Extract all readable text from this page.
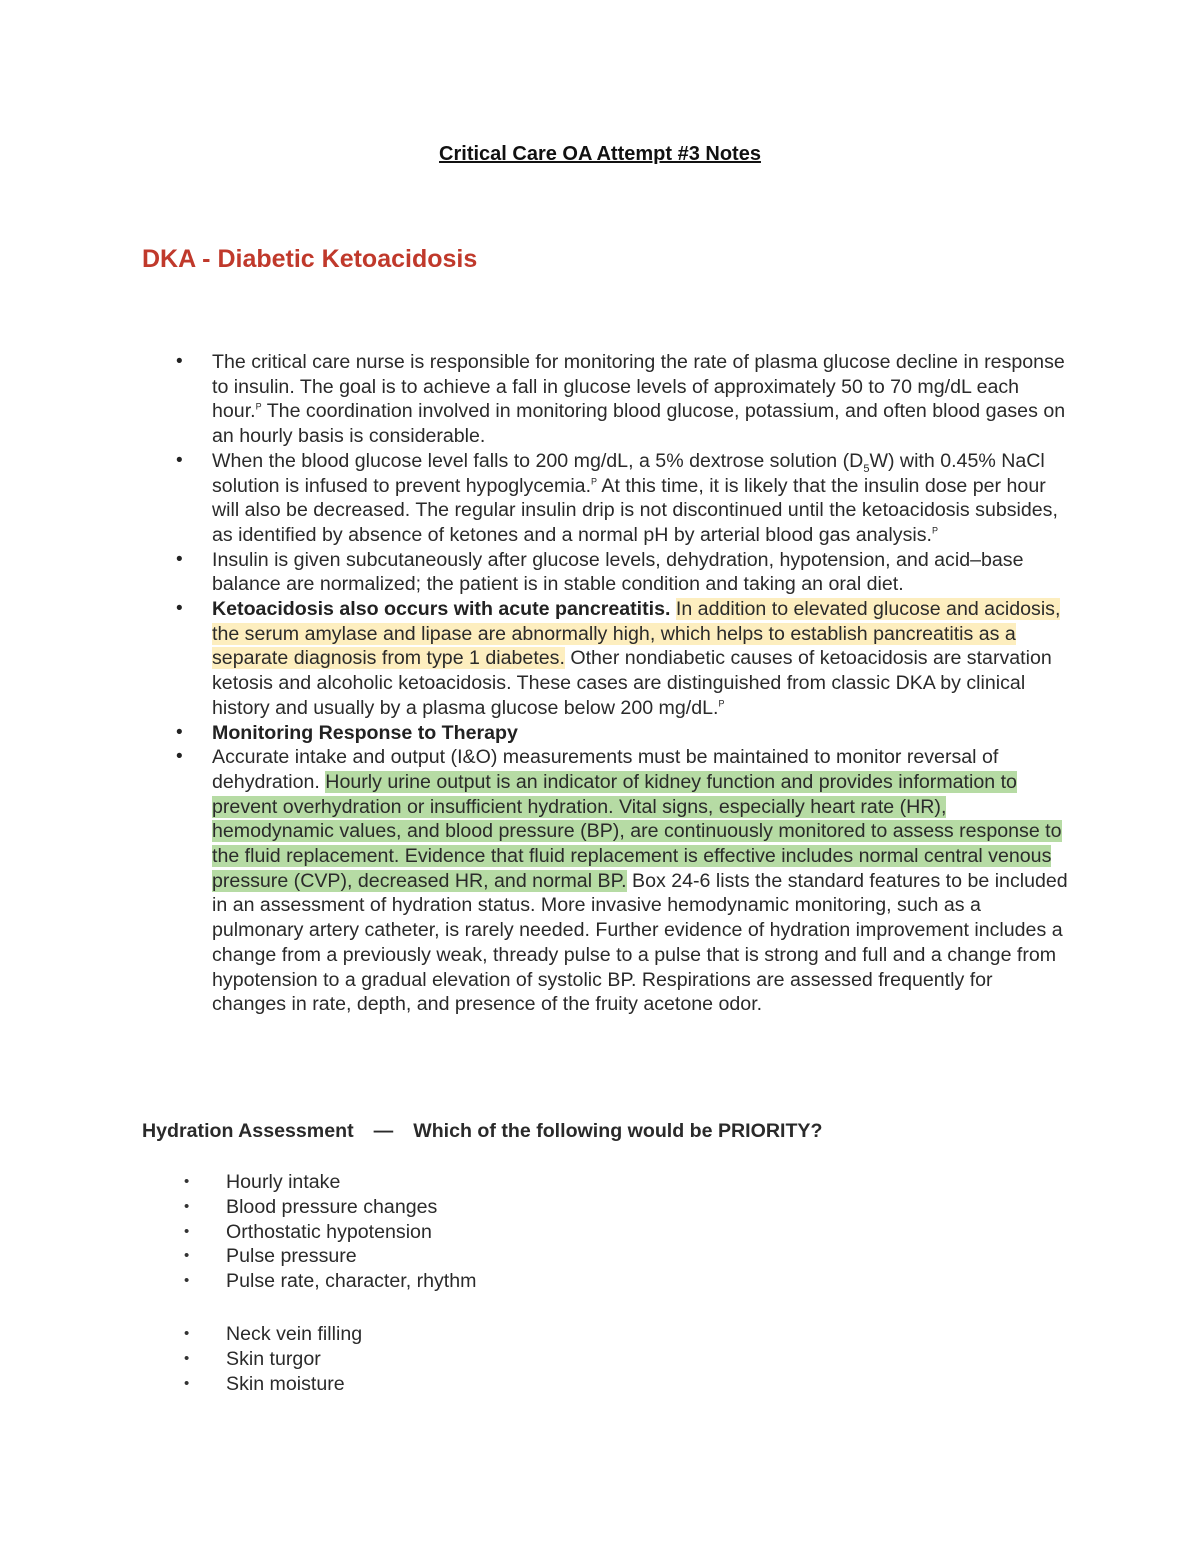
Critical Care OA Attempt #3 Notes
DKA - Diabetic Ketoacidosis
• The critical care nurse is responsible for monitoring the rate of plasma glucose decline in response to insulin. The goal is to achieve a fall in glucose levels of approximately 50 to 70 mg/dL each hour.$^P$ The coordination involved in monitoring blood glucose, potassium, and often blood gases on an hourly basis is considerable.
• When the blood glucose level falls to 200 mg/dL, a 5% dextrose solution $(D_5W)$ with 0.45% NaCl solution is infused to prevent hypoglycemia.$^P$ At this time, it is likely that the insulin dose per hour will also be decreased. The regular insulin drip is not discontinued until the ketoacidosis subsides, as identified by absence of ketones and a normal pH by arterial blood gas analysis.$^P$
• Insulin is given subcutaneously after glucose levels, dehydration, hypotension, and acid–base balance are normalized; the patient is in stable condition and taking an oral diet.
• Ketoacidosis also occurs with acute pancreatitis. In addition to elevated glucose and acidosis, the serum amylase and lipase are abnormally high, which helps to establish pancreatitis as a separate diagnosis from type 1 diabetes. Other nondiabetic causes of ketoacidosis are starvation ketosis and alcoholic ketoacidosis. These cases are distinguished from classic DKA by clinical history and usually by a plasma glucose below 200 mg/dL.$^P$
• Monitoring Response to Therapy
• Accurate intake and output (I&O) measurements must be maintained to monitor reversal of dehydration. Hourly urine output is an indicator of kidney function and provides information to prevent overhydration or insufficient hydration. Vital signs, especially heart rate (HR), hemodynamic values, and blood pressure (BP), are continuously monitored to assess response to the fluid replacement. Evidence that fluid replacement is effective includes normal central venous pressure (CVP), decreased HR, and normal BP. Box 24-6 lists the standard features to be included in an assessment of hydration status. More invasive hemodynamic monitoring, such as a pulmonary artery catheter, is rarely needed. Further evidence of hydration improvement includes a change from a previously weak, thready pulse to a pulse that is strong and full and a change from hypotension to a gradual elevation of systolic BP. Respirations are assessed frequently for changes in rate, depth, and presence of the fruity acetone odor.
Hydration Assessment — Which of the following would be PRIORITY?
• Hourly intake
• Blood pressure changes
• Orthostatic hypotension
• Pulse pressure
• Pulse rate, character, rhythm
• Neck vein filling
• Skin turgor
• Skin moisture
